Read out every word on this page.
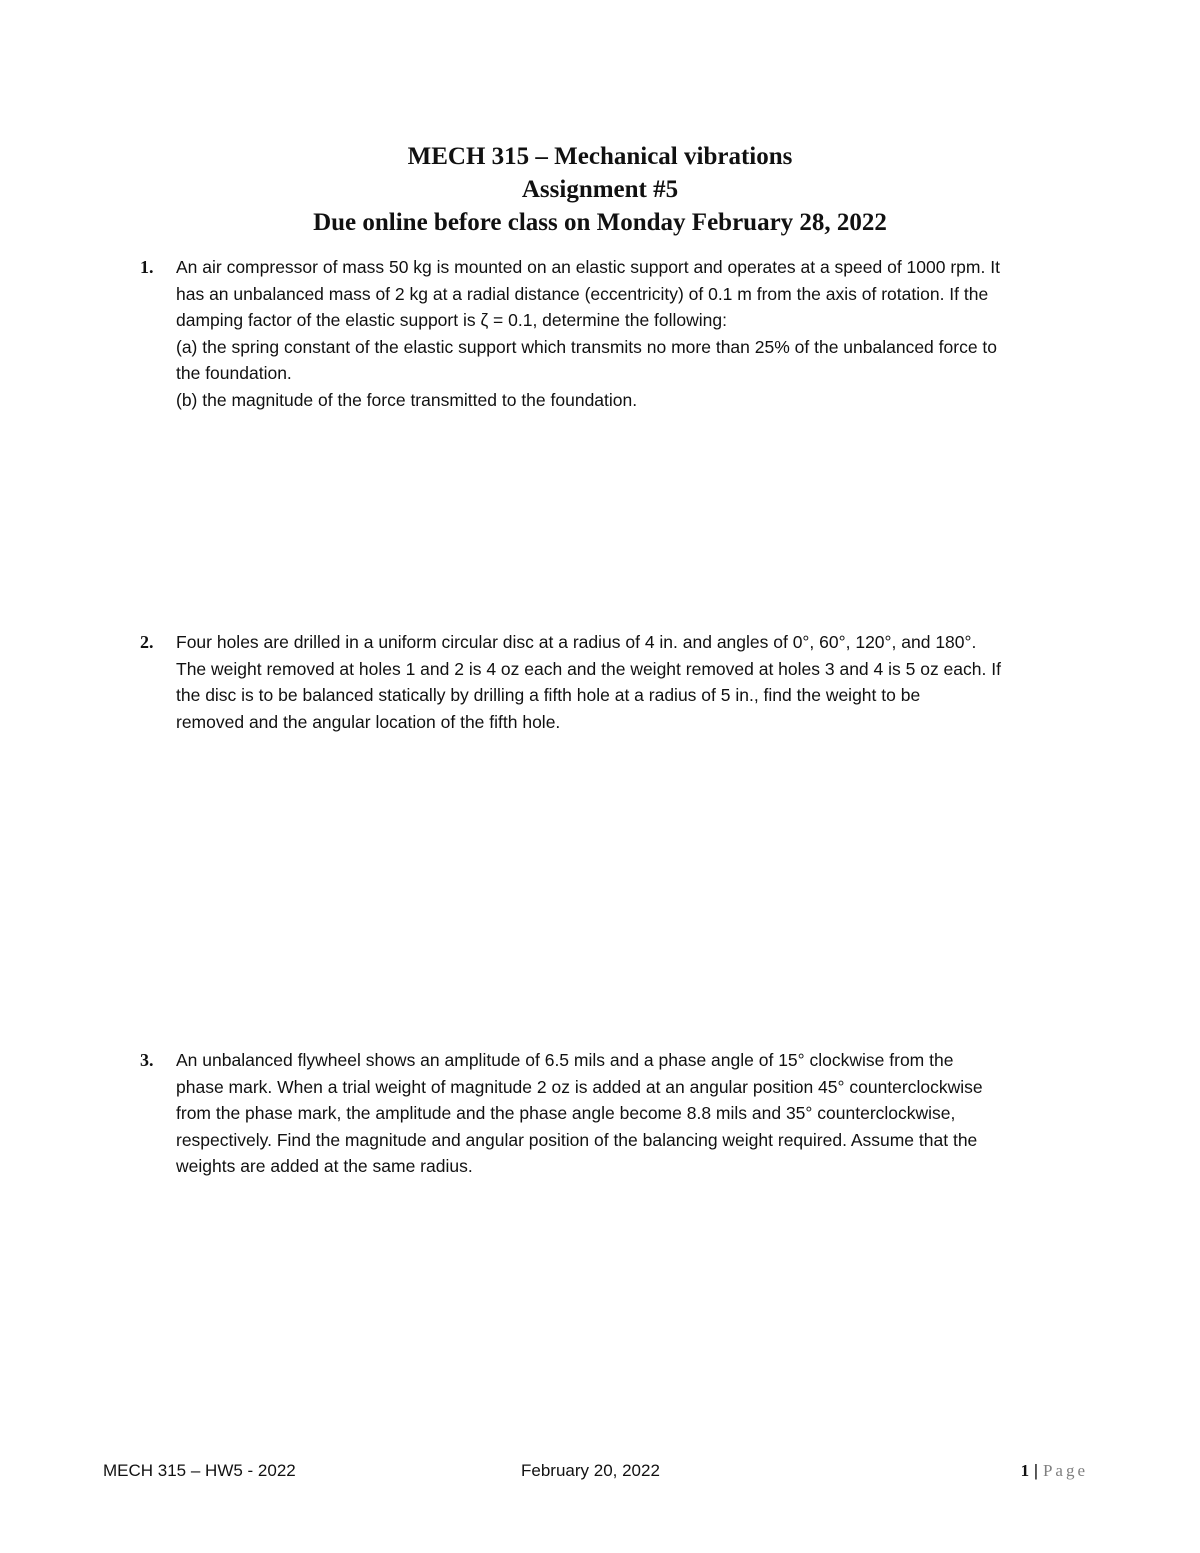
MECH 315 – Mechanical vibrations
Assignment #5
Due online before class on Monday February 28, 2022
1. An air compressor of mass 50 kg is mounted on an elastic support and operates at a speed of 1000 rpm. It
has an unbalanced mass of 2 kg at a radial distance (eccentricity) of 0.1 m from the axis of rotation. If the
damping factor of the elastic support is ζ = 0.1, determine the following:
(a) the spring constant of the elastic support which transmits no more than 25% of the unbalanced force to
the foundation.
(b) the magnitude of the force transmitted to the foundation.
2. Four holes are drilled in a uniform circular disc at a radius of 4 in. and angles of 0°, 60°, 120°, and 180°.
The weight removed at holes 1 and 2 is 4 oz each and the weight removed at holes 3 and 4 is 5 oz each. If
the disc is to be balanced statically by drilling a fifth hole at a radius of 5 in., find the weight to be
removed and the angular location of the fifth hole.
3. An unbalanced flywheel shows an amplitude of 6.5 mils and a phase angle of 15° clockwise from the
phase mark. When a trial weight of magnitude 2 oz is added at an angular position 45° counterclockwise
from the phase mark, the amplitude and the phase angle become 8.8 mils and 35° counterclockwise,
respectively. Find the magnitude and angular position of the balancing weight required. Assume that the
weights are added at the same radius.
MECH 315 – HW5 - 2022	February 20, 2022	1 | Page
